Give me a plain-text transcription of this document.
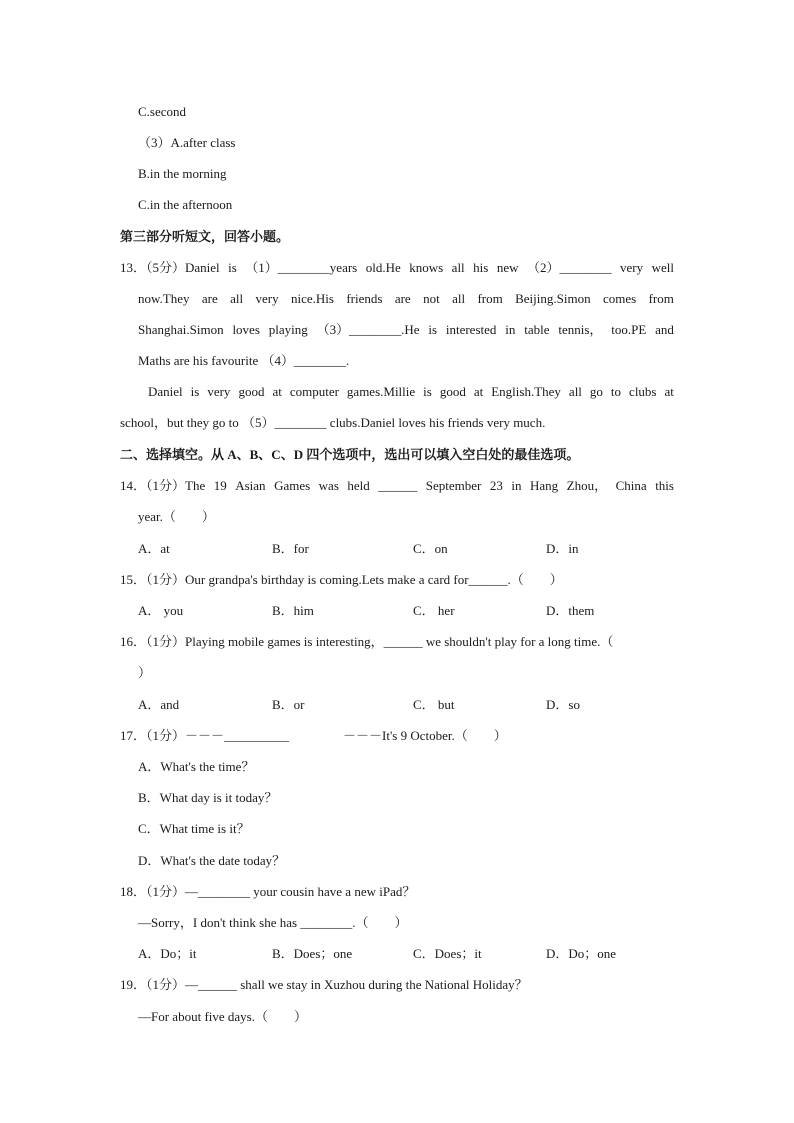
C.second
（3）A.after class
B.in the morning
C.in the afternoon
第三部分听短文，回答小题。
13．（5分）Daniel is （1）________years old.He knows all his new （2）________ very well
now.They are all very nice.His friends are not all from Beijing.Simon comes from
Shanghai.Simon loves playing （3）________.He is interested in table tennis， too.PE and
Maths are his favourite （4）________.
Daniel is very good at computer games.Millie is good at English.They all go to clubs at
school，but they go to （5）________ clubs.Daniel loves his friends very much.
二、选择填空。从 A、B、C、D 四个选项中，选出可以填入空白处的最佳选项。
14．（1分）The 19 Asian Games was held ______ September 23 in Hang Zhou， China this
year.（　　）
A．at	B．for	C．on	D．in
15．（1分）Our grandpa's birthday is coming.Lets make a card for______.（　　）
A． you	B．him	C． her	D．them
16．（1分）Playing mobile games is interesting，______ we shouldn't play for a long time.（
）
A．and	B．or	C． but	D．so
17．（1分）－－－__________	－－－It's 9 October.（　　）
A．What's the time？
B．What day is it today？
C．What time is it？
D．What's the date today？
18．（1分）—________ your cousin have a new iPad？
—Sorry，I don't think she has ________.（　　）
A．Do；it	B．Does；one	C．Does；it	D．Do；one
19．（1分）—______ shall we stay in Xuzhou during the National Holiday？
—For about five days.（　　）
